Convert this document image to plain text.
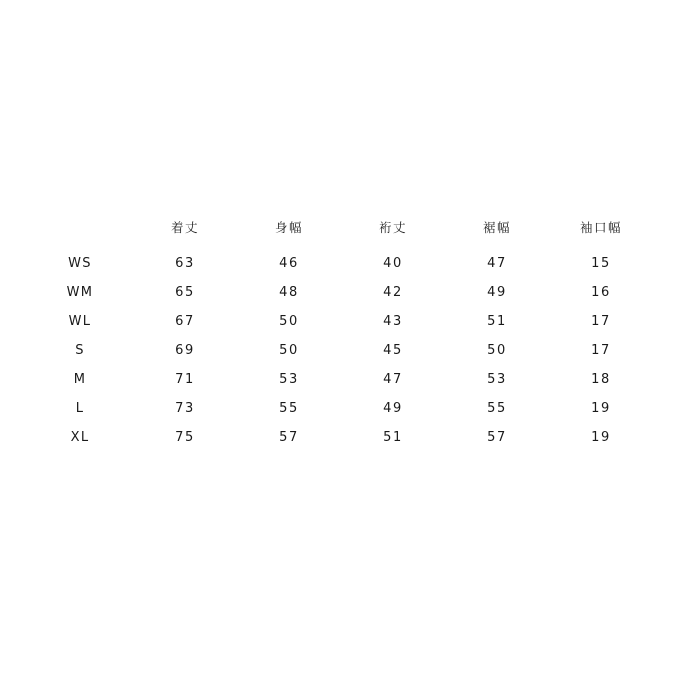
	着丈	身幅	裄丈	裾幅	袖口幅
WS	63	46	40	47	15
WM	65	48	42	49	16
WL	67	50	43	51	17
S	69	50	45	50	17
M	71	53	47	53	18
L	73	55	49	55	19
XL	75	57	51	57	19
